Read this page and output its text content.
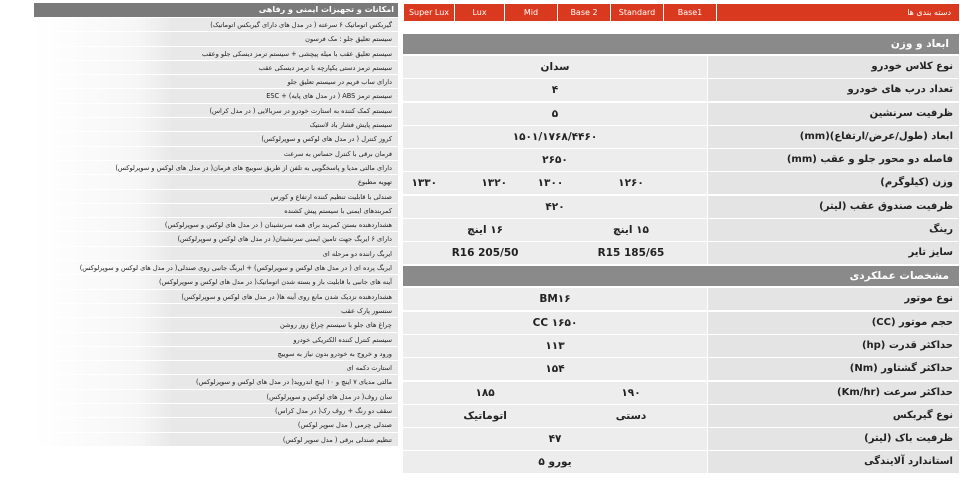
امکانات و تجهیزات ایمنی و رفاهی
گیربکس اتوماتیک ۶ سرعته ( در مدل های دارای گیربکس اتوماتیک)
سیستم تعلیق جلو : مک فرسون
سیستم تعلیق عقب با میله پیچشی + سیستم ترمز دیسکی جلو وعقب
سیستم ترمز دستی یکپارچه با ترمز دیسکی عقب
دارای ساب فریم در سیستم تعلیق جلو
سیستم ترمز ABS ( در مدل های پایه) + ESC
سیستم کمک کننده به استارت خودرو در سربالایی ( در مدل کراس)
سیستم پایش فشار باد لاستیک
کروز کنترل ( در مدل های لوکس و سوپرلوکس)
فرمان برقی با کنترل حساس به سرعت
دارای مالتی مدیا و پاسخگویی به تلفن از طریق سوییچ های فرمان( در مدل های لوکس و سوپرلوکس)
تهویه مطبوع
صندلی با قابلیت تنظیم کننده ارتفاع و کورس
کمربندهای ایمنی با سیستم پیش کشنده
هشداردهنده بستن کمربند برای همه سرنشینان ( در مدل های لوکس و سوپرلوکس)
دارای ۶ ایربگ جهت تامین ایمنی سرنشینان( در مدل های لوکس و سوپرلوکس)
ایربگ راننده دو مرحله ای
ایربگ پرده ای ( در مدل های لوکس و سوپرلوکس) + ایربگ جانبی روی صندلی( در مدل های لوکس و سوپرلوکس)
آینه های جانبی با قابلیت باز و بسته شدن اتوماتیک( در مدل های لوکس و سوپرلوکس)
هشداردهنده نزدیک شدن مانع روی آینه ها( در مدل های لوکس و سوپرلوکس)
سنسور پارک عقب
چراغ های جلو با سیستم چراغ روز روشن
سیستم کنترل کننده الکتریکی خودرو
ورود و خروج به خودرو بدون نیاز به سوییچ
استارت دکمه ای
مالتی مدیای ۷ اینچ و ۱۰ اینچ اندروید( در مدل های لوکس و سوپرلوکس)
سان روف( در مدل های لوکس و سوپرلوکس)
سقف دو رنگ + روف رک( در مدل کراس)
صندلی چرمی ( مدل سوپر لوکس)
تنظیم صندلی برقی ( مدل سوپر لوکس)
دسته بندی ها
Base1
Standard
Base 2
Mid
Lux
Super Lux
ابعاد و وزن
نوع کلاس خودرو
سدان
تعداد درب های خودرو
۴
ظرفیت سرنشین
۵
ابعاد (طول/عرض/ارتفاع)(mm)
۱۵۰۱/۱۷۶۸/۴۴۶۰
فاصله دو محور جلو و عقب (mm)
۲۶۵۰
وزن (کیلوگرم)
۱۲۶۰
۱۳۰۰
۱۳۲۰
۱۳۳۰
ظرفیت صندوق عقب (لیتر)
۴۲۰
رینگ
۱۵ اینچ
۱۶ اینچ
سایز تایر
185/65 R15
205/50 R16
مشخصات عملکردی
نوع موتور
BM۱۶
حجم موتور (CC)
۱۶۵۰ CC
حداکثر قدرت (hp)
۱۱۳
حداکثر گشتاور (Nm)
۱۵۴
حداکثر سرعت (Km/hr)
۱۹۰
۱۸۵
نوع گیربکس
دستی
اتوماتیک
ظرفیت باک (لیتر)
۴۷
استاندارد آلایندگی
یورو ۵
